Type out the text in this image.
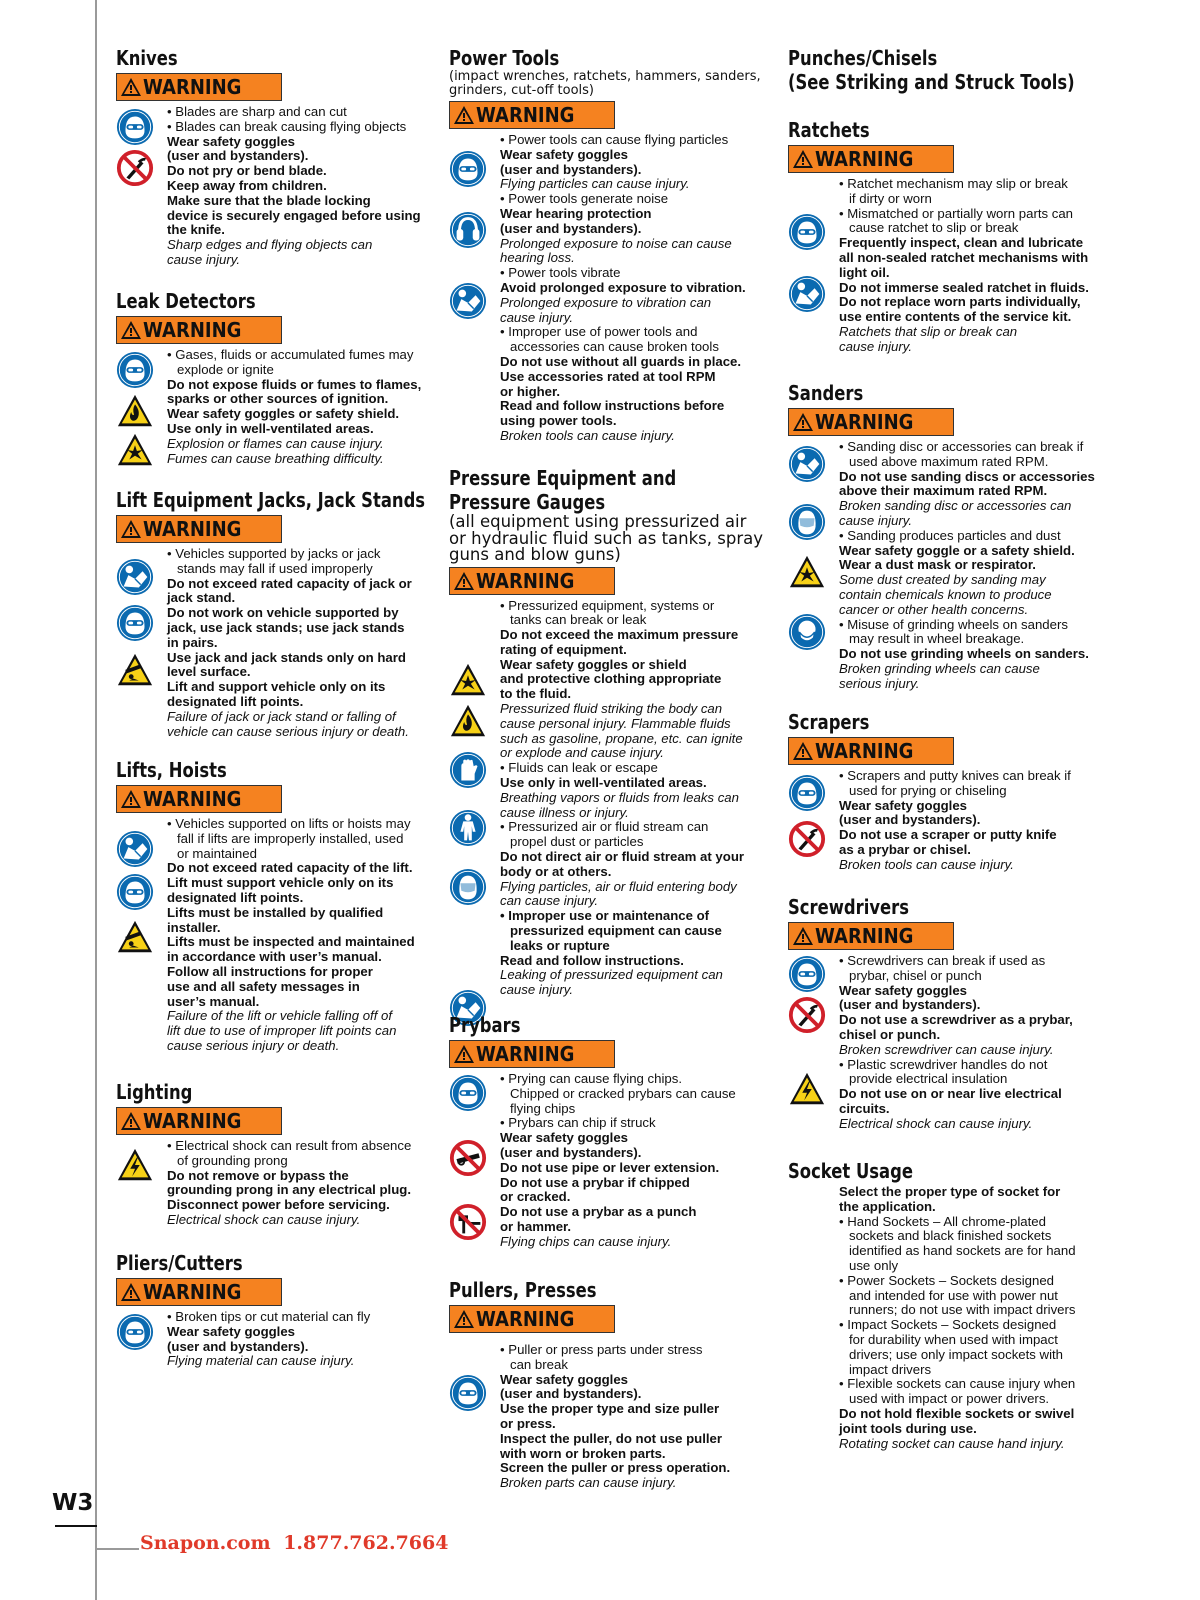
W3
Snapon.com 1.877.762.7664
Knives
WARNING

• Blades are sharp and can cut

• Blades can break causing flying objects

Wear safety goggles

(user and bystanders).

Do not pry or bend blade.

Keep away from children.

Make sure that the blade locking

device is securely engaged before using

the knife.

Sharp edges and flying objects can

cause injury.

Leak Detectors
WARNING

• Gases, fluids or accumulated fumes may

explode or ignite

Do not expose fluids or fumes to flames,

sparks or other sources of ignition.

Wear safety goggles or safety shield.

Use only in well-ventilated areas.

Explosion or flames can cause injury.

Fumes can cause breathing difficulty.

Lift Equipment Jacks, Jack Stands
WARNING

• Vehicles supported by jacks or jack

stands may fall if used improperly

Do not exceed rated capacity of jack or

jack stand.

Do not work on vehicle supported by

jack, use jack stands; use jack stands

in pairs.

Use jack and jack stands only on hard

level surface.

Lift and support vehicle only on its

designated lift points.

Failure of jack or jack stand or falling of

vehicle can cause serious injury or death.

Lifts, Hoists
WARNING

• Vehicles supported on lifts or hoists may

fall if lifts are improperly installed, used

or maintained

Do not exceed rated capacity of the lift.

Lift must support vehicle only on its

designated lift points.

Lifts must be installed by qualified

installer.

Lifts must be inspected and maintained

in accordance with user’s manual.

Follow all instructions for proper

use and all safety messages in

user’s manual.

Failure of the lift or vehicle falling off of

lift due to use of improper lift points can

cause serious injury or death.

Lighting
WARNING

• Electrical shock can result from absence

of grounding prong

Do not remove or bypass the

grounding prong in any electrical plug.

Disconnect power before servicing.

Electrical shock can cause injury.

Pliers/Cutters
WARNING

• Broken tips or cut material can fly

Wear safety goggles

(user and bystanders).

Flying material can cause injury.

Power Tools
(impact wrenches, ratchets, hammers, sanders,
grinders, cut-off tools)
WARNING

• Power tools can cause flying particles

Wear safety goggles

(user and bystanders).

Flying particles can cause injury.

• Power tools generate noise

Wear hearing protection

(user and bystanders).

Prolonged exposure to noise can cause

hearing loss.

• Power tools vibrate

Avoid prolonged exposure to vibration.

Prolonged exposure to vibration can

cause injury.

• Improper use of power tools and

accessories can cause broken tools

Do not use without all guards in place.

Use accessories rated at tool RPM

or higher.

Read and follow instructions before

using power tools.

Broken tools can cause injury.

Pressure Equipment and
Pressure Gauges
(all equipment using pressurized air
or hydraulic fluid such as tanks, spray
guns and blow guns)
WARNING

• Pressurized equipment, systems or

tanks can break or leak

Do not exceed the maximum pressure

rating of equipment.

Wear safety goggles or shield

and protective clothing appropriate

to the fluid.

Pressurized fluid striking the body can

cause personal injury. Flammable fluids

such as gasoline, propane, etc. can ignite

or explode and cause injury.

• Fluids can leak or escape

Use only in well-ventilated areas.

Breathing vapors or fluids from leaks can

cause illness or injury.

• Pressurized air or fluid stream can

propel dust or particles

Do not direct air or fluid stream at your

body or at others.

Flying particles, air or fluid entering body

can cause injury.

• Improper use or maintenance of

pressurized equipment can cause

leaks or rupture

Read and follow instructions.

Leaking of pressurized equipment can

cause injury.

Prybars
WARNING

• Prying can cause flying chips.

Chipped or cracked prybars can cause

flying chips

• Prybars can chip if struck

Wear safety goggles

(user and bystanders).

Do not use pipe or lever extension.

Do not use a prybar if chipped

or cracked.

Do not use a prybar as a punch

or hammer.

Flying chips can cause injury.

Pullers, Presses
WARNING

• Puller or press parts under stress

can break

Wear safety goggles

(user and bystanders).

Use the proper type and size puller

or press.

Inspect the puller, do not use puller

with worn or broken parts.

Screen the puller or press operation.

Broken parts can cause injury.

Punches/Chisels
(See Striking and Struck Tools)
Ratchets
WARNING

• Ratchet mechanism may slip or break

if dirty or worn

• Mismatched or partially worn parts can

cause ratchet to slip or break

Frequently inspect, clean and lubricate

all non-sealed ratchet mechanisms with

light oil.

Do not immerse sealed ratchet in fluids.

Do not replace worn parts individually,

use entire contents of the service kit.

Ratchets that slip or break can

cause injury.

Sanders
WARNING

• Sanding disc or accessories can break if

used above maximum rated RPM.

Do not use sanding discs or accessories

above their maximum rated RPM.

Broken sanding disc or accessories can

cause injury.

• Sanding produces particles and dust

Wear safety goggle or a safety shield.

Wear a dust mask or respirator.

Some dust created by sanding may

contain chemicals known to produce

cancer or other health concerns.

• Misuse of grinding wheels on sanders

may result in wheel breakage.

Do not use grinding wheels on sanders.

Broken grinding wheels can cause

serious injury.

Scrapers
WARNING

• Scrapers and putty knives can break if

used for prying or chiseling

Wear safety goggles

(user and bystanders).

Do not use a scraper or putty knife

as a prybar or chisel.

Broken tools can cause injury.

Screwdrivers
WARNING

• Screwdrivers can break if used as

prybar, chisel or punch

Wear safety goggles

(user and bystanders).

Do not use a screwdriver as a prybar,

chisel or punch.

Broken screwdriver can cause injury.

• Plastic screwdriver handles do not

provide electrical insulation

Do not use on or near live electrical

circuits.

Electrical shock can cause injury.

Socket Usage

Select the proper type of socket for

the application.

• Hand Sockets – All chrome-plated

sockets and black finished sockets

identified as hand sockets are for hand

use only

• Power Sockets – Sockets designed

and intended for use with power nut

runners; do not use with impact drivers

• Impact Sockets – Sockets designed

for durability when used with impact

drivers; use only impact sockets with

impact drivers

• Flexible sockets can cause injury when

used with impact or power drivers.

Do not hold flexible sockets or swivel

joint tools during use.

Rotating socket can cause hand injury.
